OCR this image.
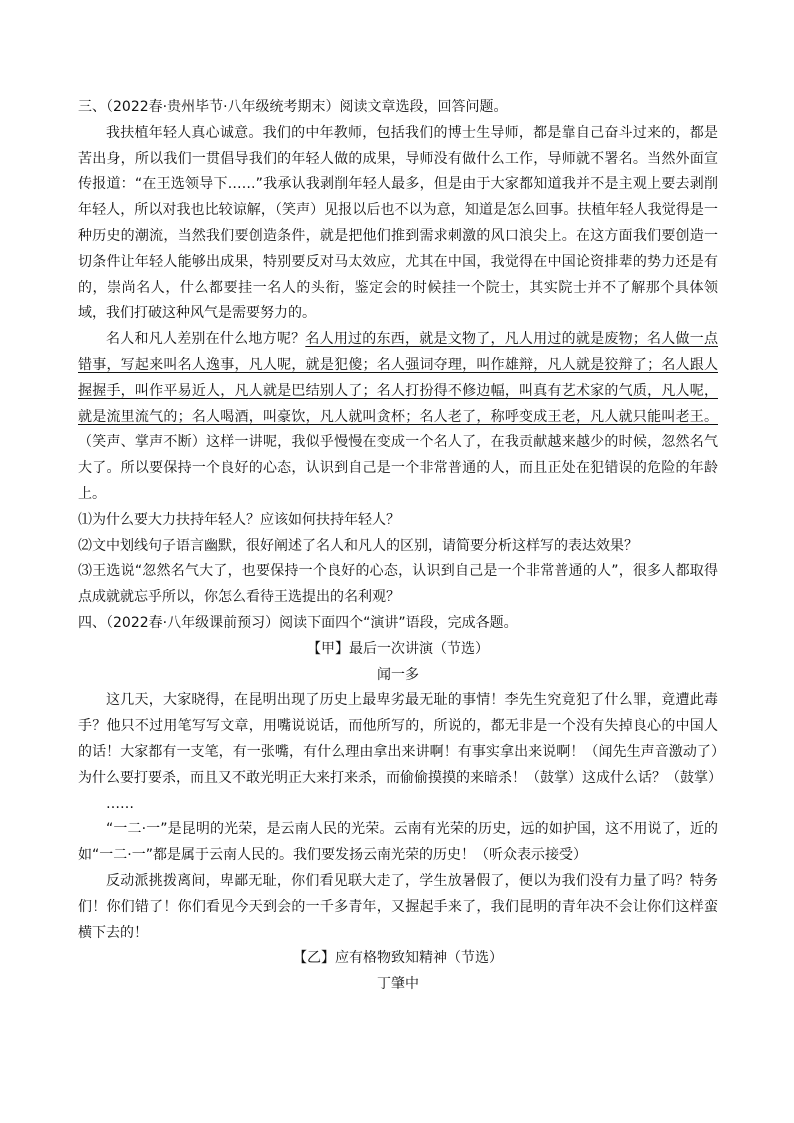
三、（2022春·贵州毕节·八年级统考期末）阅读文章选段，回答问题。

我扶植年轻人真心诚意。我们的中年教师，包括我们的博士生导师，都是靠自己奋斗过来的，都是苦出身，所以我们一贯倡导我们的年轻人做的成果，导师没有做什么工作，导师就不署名。当然外面宣传报道：“在王选领导下……”我承认我剥削年轻人最多，但是由于大家都知道我并不是主观上要去剥削年轻人，所以对我也比较谅解，（笑声）见报以后也不以为意，知道是怎么回事。扶植年轻人我觉得是一种历史的潮流，当然我们要创造条件，就是把他们推到需求刺激的风口浪尖上。在这方面我们要创造一切条件让年轻人能够出成果，特别要反对马太效应，尤其在中国，我觉得在中国论资排辈的势力还是有的，崇尚名人，什么都要挂一名人的头衔，鉴定会的时候挂一个院士，其实院士并不了解那个具体领域，我们打破这种风气是需要努力的。

名人和凡人差别在什么地方呢？名人用过的东西，就是文物了，凡人用过的就是废物；名人做一点错事，写起来叫名人逸事，凡人呢，就是犯傻；名人强词夺理，叫作雄辩，凡人就是狡辩了；名人跟人握握手，叫作平易近人，凡人就是巴结别人了；名人打扮得不修边幅，叫真有艺术家的气质，凡人呢，就是流里流气的；名人喝酒，叫豪饮，凡人就叫贪杯；名人老了，称呼变成王老，凡人就只能叫老王。（笑声、掌声不断）这样一讲呢，我似乎慢慢在变成一个名人了，在我贡献越来越少的时候，忽然名气大了。所以要保持一个良好的心态，认识到自己是一个非常普通的人，而且正处在犯错误的危险的年龄上。

⑴为什么要大力扶持年轻人？应该如何扶持年轻人？

⑵文中划线句子语言幽默，很好阐述了名人和凡人的区别，请简要分析这样写的表达效果？

⑶王选说“忽然名气大了，也要保持一个良好的心态，认识到自己是一个非常普通的人”，很多人都取得点成就就忘乎所以，你怎么看待王选提出的名利观？

四、（2022春·八年级课前预习）阅读下面四个“演讲”语段，完成各题。

【甲】最后一次讲演（节选）

闻一多

这几天，大家晓得，在昆明出现了历史上最卑劣最无耻的事情！李先生究竟犯了什么罪，竟遭此毒手？他只不过用笔写写文章，用嘴说说话，而他所写的，所说的，都无非是一个没有失掉良心的中国人的话！大家都有一支笔，有一张嘴，有什么理由拿出来讲啊！有事实拿出来说啊！（闻先生声音激动了）为什么要打要杀，而且又不敢光明正大来打来杀，而偷偷摸摸的来暗杀！（鼓掌）这成什么话？（鼓掌）

……

“一二·一”是昆明的光荣，是云南人民的光荣。云南有光荣的历史，远的如护国，这不用说了，近的如“一二·一”都是属于云南人民的。我们要发扬云南光荣的历史！（听众表示接受）

反动派挑拨离间，卑鄙无耻，你们看见联大走了，学生放暑假了，便以为我们没有力量了吗？特务们！你们错了！你们看见今天到会的一千多青年，又握起手来了，我们昆明的青年决不会让你们这样蛮横下去的！

【乙】应有格物致知精神（节选）

丁肇中
